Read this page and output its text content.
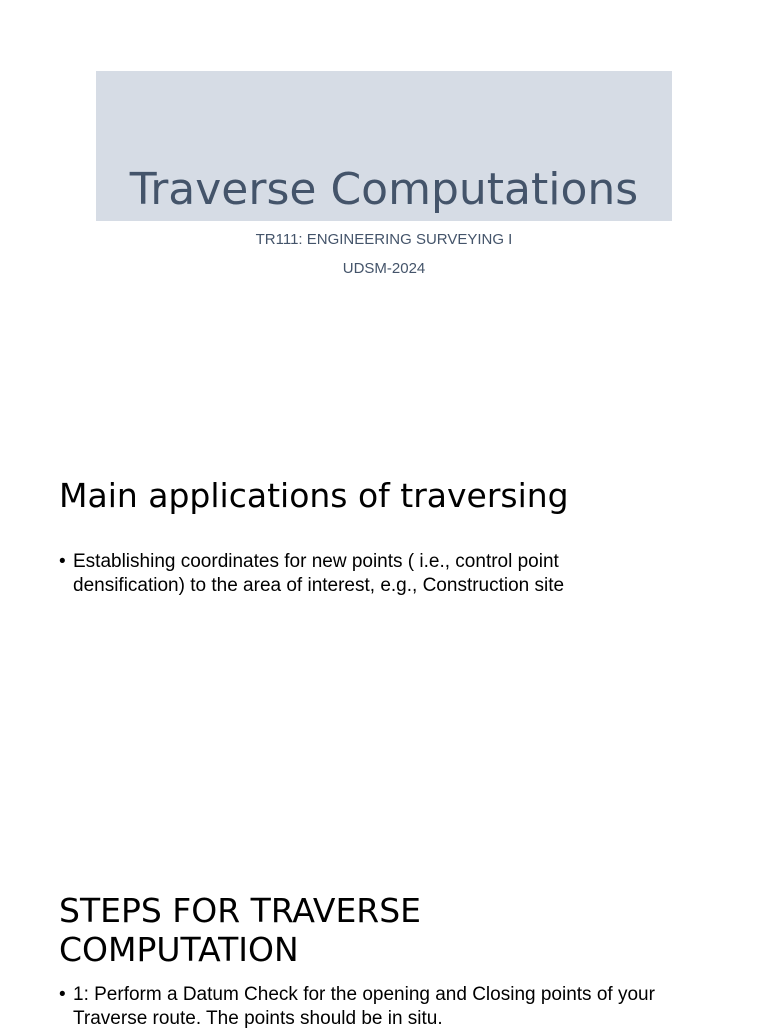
Traverse Computations
TR111: ENGINEERING SURVEYING I
UDSM-2024
Main applications of traversing
• Establishing coordinates for new points ( i.e., control point
densification) to the area of interest, e.g., Construction site
STEPS FOR TRAVERSE
COMPUTATION
• 1: Perform a Datum Check for the opening and Closing points of your
Traverse route. The points should be in situ.
